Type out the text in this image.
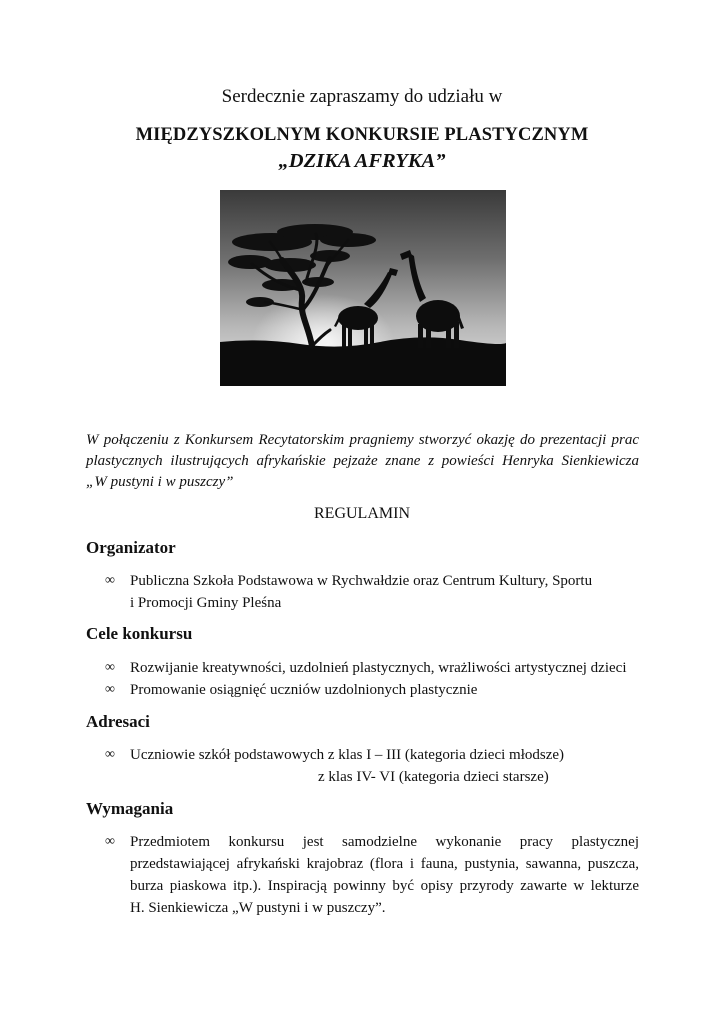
Serdecznie zapraszamy do udziału w
MIĘDZYSZKOLNYM KONKURSIE PLASTYCZNYM
„DZIKA AFRYKA”
W połączeniu z Konkursem Recytatorskim pragniemy stworzyć okazję do prezentacji prac
plastycznych ilustrujących afrykańskie pejzaże znane z powieści Henryka Sienkiewicza
„W pustyni i w puszczy”
REGULAMIN
Organizator
∞ Publiczna Szkoła Podstawowa w Rychwałdzie oraz Centrum Kultury, Sportu
i Promocji Gminy Pleśna
Cele konkursu
∞ Rozwijanie kreatywności, uzdolnień plastycznych, wrażliwości artystycznej dzieci
∞ Promowanie osiągnięć uczniów uzdolnionych plastycznie
Adresaci
∞ Uczniowie szkół podstawowych z klas I – III (kategoria dzieci młodsze)
z klas IV- VI (kategoria dzieci starsze)
Wymagania
∞ Przedmiotem konkursu jest samodzielne wykonanie pracy plastycznej
przedstawiającej afrykański krajobraz (flora i fauna, pustynia, sawanna, puszcza,
burza piaskowa itp.). Inspiracją powinny być opisy przyrody zawarte w lekturze
H. Sienkiewicza „W pustyni i w puszczy”.
